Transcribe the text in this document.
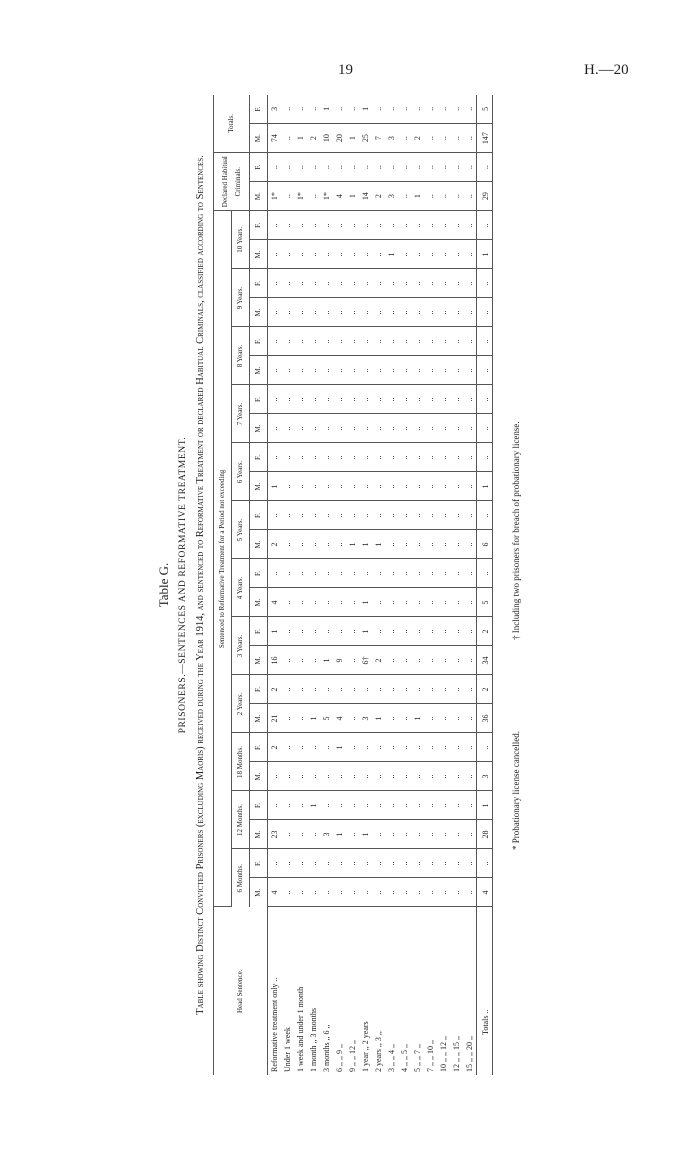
19	H.—20
Table G. PRISONERS.—SENTENCES AND REFORMATIVE TREATMENT. Table showing Distinct Convicted Prisoners (excluding Maoris) received during the Year 1914, and sentenced to Reformative Treatment or declared Habitual Criminals, classified according to Sentences.	Head Sentence.	Sentenced to Reformative Treatment for a Period not exceeding																								Declared Habitual Criminals.		Totals.	
	6 Months.		12 Months.		18 Months.		2 Years.		3 Years.		4 Years.		5 Years.		6 Years.		7 Years.		8 Years.		9 Years.		10 Years.					
	M.	F.	M.	F.	M.	F.	M.	F.	M.	F.	M.	F.	M.	F.	M.	F.	M.	F.	M.	F.	M.	F.	M.	F.	M.	F.	M.	F.
Reformative treatment only ..	4	..	23	..	..	2	21	2	16	1	4	..	2	..	1	..	..	..	..	..	..	..	..	..	1*	..	74	3
Under 1 week	..	..	..	..	..	..	..	..	..	..	..	..	..	..	..	..	..	..	..	..	..	..	..	..	..	..	..	..
1 week and under 1 month	..	..	..	..	..	..	..	..	..	..	..	..	..	..	..	..	..	..	..	..	..	..	..	..	1*	..	1	..
1 month ,, 3 months	..	..	..	1	..	..	1	..	..	..	..	..	..	..	..	..	..	..	..	..	..	..	..	..	..	..	2	..
3 months ,, 6 ,,	..	..	3	..	..	..	5	..	1	..	..	..	..	..	..	..	..	..	..	..	..	..	..	..	1*	..	10	1
6 ,, ,, 9 ,,	..	..	1	..	..	1	4	..	9	..	..	..	..	..	..	..	..	..	..	..	..	..	..	..	4	..	20	..
9 ,, ,, 12 ,,	..	..	..	..	..	..	..	..	..	..	..	..	1	..	..	..	..	..	..	..	..	..	..	..	1	..	1	..
1 year ,, 2 years	..	..	1	..	..	..	3	..	6†	1	1	..	1	..	..	..	..	..	..	..	..	..	..	..	14	..	25	1
2 years ,, 3 ,,	..	..	..	..	..	..	1	..	2	..	..	..	1	..	..	..	..	..	..	..	..	..	..	..	2	..	7	..
3 ,, ,, 4 ,,	..	..	..	..	..	..	..	..	..	..	..	..	..	..	..	..	..	..	..	..	..	..	1	..	3	..	3	..
4 ,, ,, 5 ,,	..	..	..	..	..	..	..	..	..	..	..	..	..	..	..	..	..	..	..	..	..	..	..	..	..	..	..	..
5 ,, ,, 7 ,,	..	..	..	..	..	..	1	..	..	..	..	..	..	..	..	..	..	..	..	..	..	..	..	..	1	..	2	..
7 ,, ,, 10 ,,	..	..	..	..	..	..	..	..	..	..	..	..	..	..	..	..	..	..	..	..	..	..	..	..	..	..	..	..
10 ,, ,, 12 ,,	..	..	..	..	..	..	..	..	..	..	..	..	..	..	..	..	..	..	..	..	..	..	..	..	..	..	..	..
12 ,, ,, 15 ,,	..	..	..	..	..	..	..	..	..	..	..	..	..	..	..	..	..	..	..	..	..	..	..	..	..	..	..	..
15 ,, ,, 20 ,,	..	..	..	..	..	..	..	..	..	..	..	..	..	..	..	..	..	..	..	..	..	..	..	..	..	..	..	..
Totals ..	4	..	28	1	3	..	36	2	34	2	5	..	6	..	1	..	..	..	..	..	..	..	1	..	29	..	147	5
* Probationary license cancelled.
† Including two prisoners for breach of probationary license.
